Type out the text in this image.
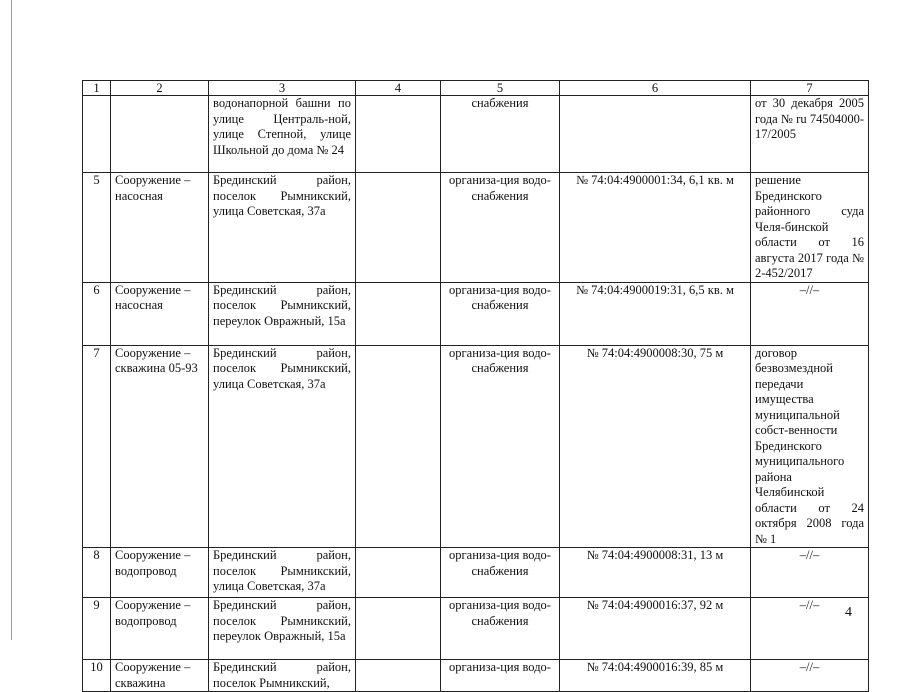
1	2	3	4	5	6	7
		водонапорной башни по улице Централь-ной, улице Степной, улице Школьной до дома № 24		снабжения		от 30 декабря 2005 года № ru 74504000-17/2005
5	Сооружение – насосная	Брединский район, поселок Рымникский, улица Советская, 37а		организа-ция водо-снабжения	№ 74:04:4900001:34, 6,1 кв. м	решение Брединского районного суда Челя-бинской области от 16 августа 2017 года № 2-452/2017
6	Сооружение – насосная	Брединский район, поселок Рымникский, переулок Овражный, 15а		организа-ция водо-снабжения	№ 74:04:4900019:31, 6,5 кв. м	–//–
7	Сооружение – скважина 05-93	Брединский район, поселок Рымникский, улица Советская, 37а		организа-ция водо-снабжения	№ 74:04:4900008:30, 75 м	договор безвозмездной передачи имущества муниципальной собст-венности Брединского муниципального района Челябинской области от 24 октября 2008 года № 1
8	Сооружение – водопровод	Брединский район, поселок Рымникский, улица Советская, 37а		организа-ция водо-снабжения	№ 74:04:4900008:31, 13 м	–//–
9	Сооружение – водопровод	Брединский район, поселок Рымникский, переулок Овражный, 15а		организа-ция водо-снабжения	№ 74:04:4900016:37, 92 м	–//–
10	Сооружение – скважина	Брединский район, поселок Рымникский,		организа-ция водо-	№ 74:04:4900016:39, 85 м	–//–
4
